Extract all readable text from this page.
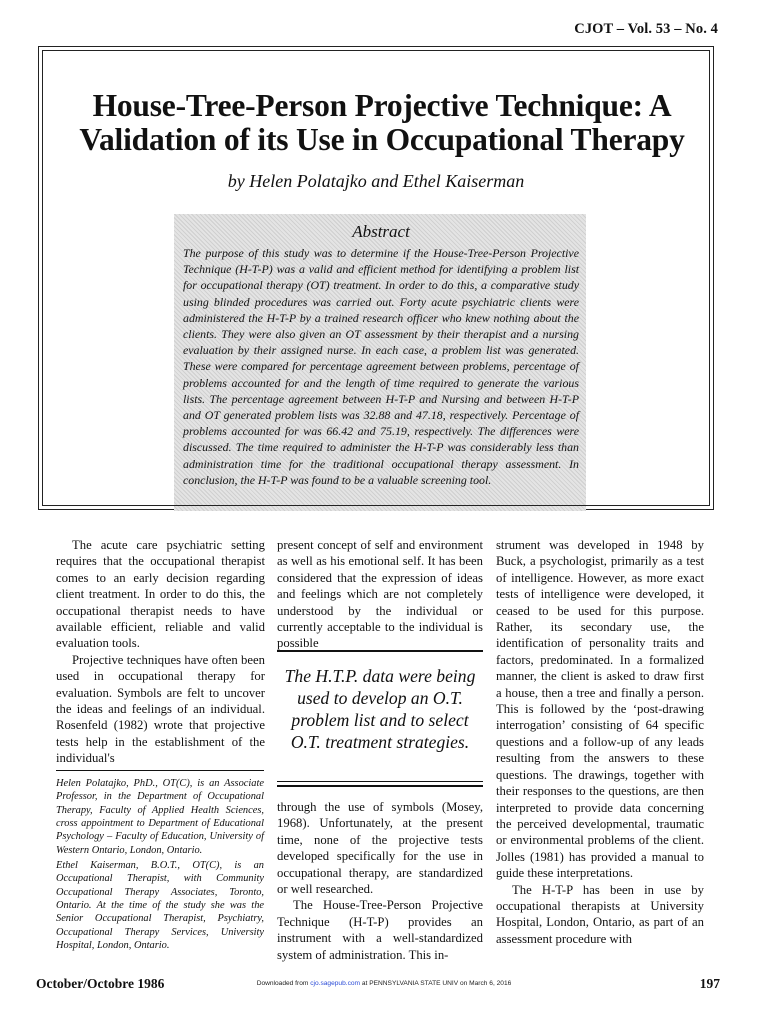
CJOT – Vol. 53 – No. 4
House-Tree-Person Projective Technique: A
Validation of its Use in Occupational Therapy
by Helen Polatajko and Ethel Kaiserman
Abstract

The purpose of this study was to determine if the House-Tree-Person Projective Technique (H-T-P) was a valid and efficient method for identifying a problem list for occupational therapy (OT) treatment. In order to do this, a comparative study using blinded procedures was carried out. Forty acute psychiatric clients were administered the H-T-P by a trained research officer who knew nothing about the clients. They were also given an OT assessment by their therapist and a nursing evaluation by their assigned nurse. In each case, a problem list was generated. These were compared for percentage agreement between problems, percentage of problems accounted for and the length of time required to generate the various lists. The percentage agreement between H-T-P and Nursing and between H-T-P and OT generated problem lists was 32.88 and 47.18, respectively. Percentage of problems accounted for was 66.42 and 75.19, respectively. The differences were discussed. The time required to administer the H-T-P was considerably less than administration time for the traditional occupational therapy assessment. In conclusion, the H-T-P was found to be a valuable screening tool.

The acute care psychiatric setting requires that the occupational therapist comes to an early decision regarding client treatment. In order to do this, the occupational therapist needs to have available efficient, reliable and valid evaluation tools.

Projective techniques have often been used in occupational therapy for evaluation. Symbols are felt to uncover the ideas and feelings of an individual. Rosenfeld (1982) wrote that projective tests help in the establishment of the individual's

Helen Polatajko, PhD., OT(C), is an Associate Professor, in the Department of Occupational Therapy, Faculty of Applied Health Sciences, cross appointment to Department of Educational Psychology – Faculty of Education, University of Western Ontario, London, Ontario.

Ethel Kaiserman, B.O.T., OT(C), is an Occupational Therapist, with Community Occupational Therapy Associates, Toronto, Ontario. At the time of the study she was the Senior Occupational Therapist, Psychiatry, Occupational Therapy Services, University Hospital, London, Ontario.

present concept of self and environment as well as his emotional self. It has been considered that the expression of ideas and feelings which are not completely understood by the individual or currently acceptable to the individual is possible

The H.T.P. data were being used to develop an O.T. problem list and to select O.T. treatment strategies.

through the use of symbols (Mosey, 1968). Unfortunately, at the present time, none of the projective tests developed specifically for the use in occupational therapy, are standardized or well researched.

The House-Tree-Person Projective Technique (H-T-P) provides an instrument with a well-standardized system of administration. This in-

strument was developed in 1948 by Buck, a psychologist, primarily as a test of intelligence. However, as more exact tests of intelligence were developed, it ceased to be used for this purpose. Rather, its secondary use, the identification of personality traits and factors, predominated. In a formalized manner, the client is asked to draw first a house, then a tree and finally a person. This is followed by the ‘post-drawing interrogation’ consisting of 64 specific questions and a follow-up of any leads resulting from the answers to these questions. The drawings, together with their responses to the questions, are then interpreted to provide data concerning the perceived developmental, traumatic or environmental problems of the client. Jolles (1981) has provided a manual to guide these interpretations.

The H-T-P has been in use by occupational therapists at University Hospital, London, Ontario, as part of an assessment procedure with

October/Octobre 1986	Downloaded from cjo.sagepub.com at PENNSYLVANIA STATE UNIV on March 6, 2016	197
